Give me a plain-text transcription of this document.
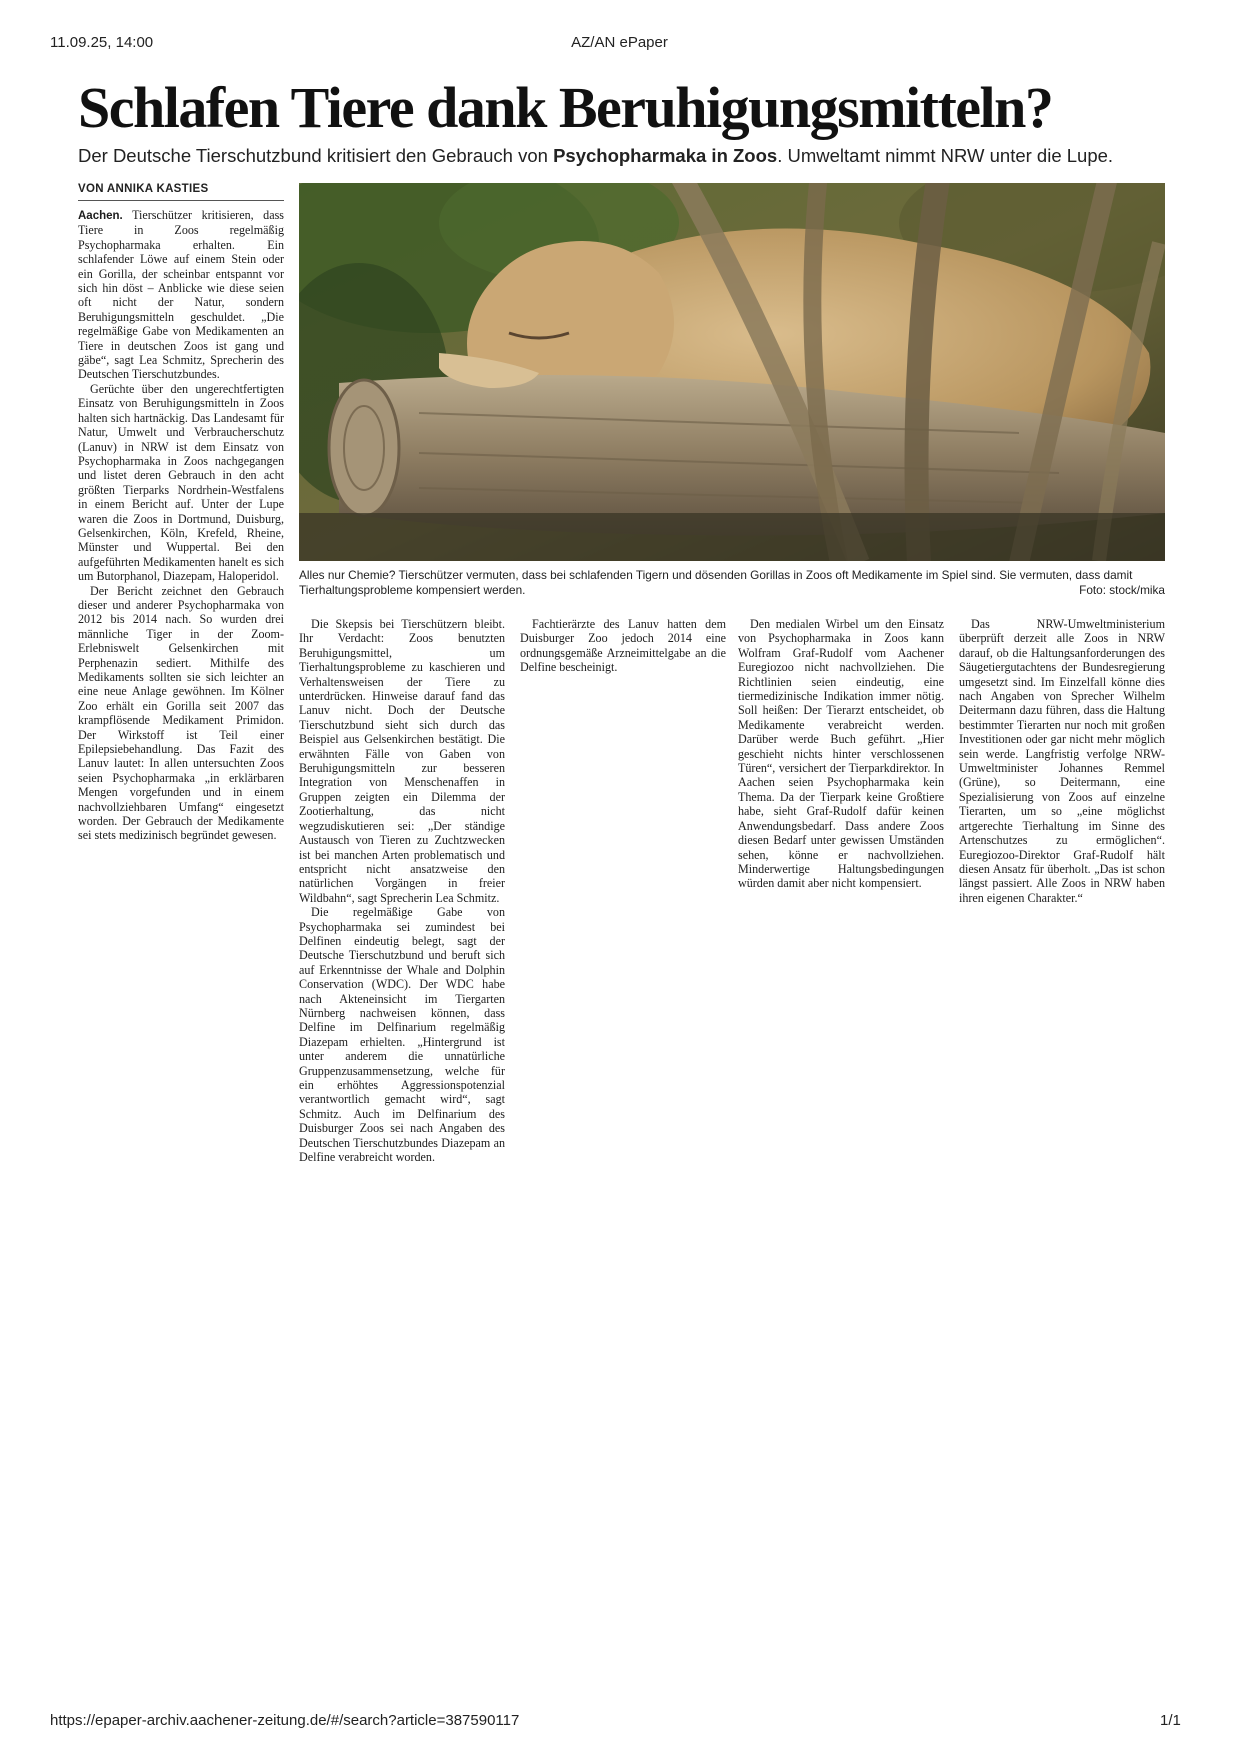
11.09.25, 14:00	AZ/AN ePaper
Schlafen Tiere dank Beruhigungsmitteln?
Der Deutsche Tierschutzbund kritisiert den Gebrauch von Psychopharmaka in Zoos. Umweltamt nimmt NRW unter die Lupe.
VON ANNIKA KASTIES

Aachen. Tierschützer kritisieren, dass Tiere in Zoos regelmäßig Psychopharmaka erhalten. Ein schlafender Löwe auf einem Stein oder ein Gorilla, der scheinbar entspannt vor sich hin döst – Anblicke wie diese seien oft nicht der Natur, sondern Beruhigungsmitteln geschuldet. „Die regelmäßige Gabe von Medikamenten an Tiere in deutschen Zoos ist gang und gäbe“, sagt Lea Schmitz, Sprecherin des Deutschen Tierschutzbundes.

Gerüchte über den ungerechtfertigten Einsatz von Beruhigungsmitteln in Zoos halten sich hartnäckig. Das Landesamt für Natur, Umwelt und Verbraucherschutz (Lanuv) in NRW ist dem Einsatz von Psychopharmaka in Zoos nachgegangen und listet deren Gebrauch in den acht größten Tierparks Nordrhein-Westfalens in einem Bericht auf. Unter der Lupe waren die Zoos in Dortmund, Duisburg, Gelsenkirchen, Köln, Krefeld, Rheine, Münster und Wuppertal. Bei den aufgeführten Medikamenten hanelt es sich um Butorphanol, Diazepam, Haloperidol.

Der Bericht zeichnet den Gebrauch dieser und anderer Psychopharmaka von 2012 bis 2014 nach. So wurden drei männliche Tiger in der Zoom-Erlebniswelt Gelsenkirchen mit Perphenazin sediert. Mithilfe des Medikaments sollten sie sich leichter an eine neue Anlage gewöhnen. Im Kölner Zoo erhält ein Gorilla seit 2007 das krampflösende Medikament Primidon. Der Wirkstoff ist Teil einer Epilepsiebehandlung. Das Fazit des Lanuv lautet: In allen untersuchten Zoos seien Psychopharmaka „in erklärbaren Mengen vorgefunden und in einem nachvollziehbaren Umfang“ eingesetzt worden. Der Gebrauch der Medikamente sei stets medizinisch begründet gewesen.

Alles nur Chemie? Tierschützer vermuten, dass bei schlafenden Tigern und dösenden Gorillas in Zoos oft Medikamente im Spiel sind. Sie vermuten, dass damit Tierhaltungsprobleme kompensiert werden.	Foto: stock/mika

Die Skepsis bei Tierschützern bleibt. Ihr Verdacht: Zoos benutzten Beruhigungsmittel, um Tierhaltungsprobleme zu kaschieren und Verhaltensweisen der Tiere zu unterdrücken. Hinweise darauf fand das Lanuv nicht. Doch der Deutsche Tierschutzbund sieht sich durch das Beispiel aus Gelsenkirchen bestätigt. Die erwähnten Fälle von Gaben von Beruhigungsmitteln zur besseren Integration von Menschenaffen in Gruppen zeigten ein Dilemma der Zootierhaltung, das nicht wegzudiskutieren sei: „Der ständige Austausch von Tieren zu Zuchtzwecken ist bei manchen Arten problematisch und entspricht nicht ansatzweise den natürlichen Vorgängen in freier Wildbahn“, sagt Sprecherin Lea Schmitz.

Die regelmäßige Gabe von Psychopharmaka sei zumindest bei Delfinen eindeutig belegt, sagt der Deutsche Tierschutzbund und beruft sich auf Erkenntnisse der Whale and Dolphin Conservation (WDC). Der WDC habe nach Akteneinsicht im Tiergarten Nürnberg nachweisen können, dass Delfine im Delfinarium regelmäßig Diazepam erhielten. „Hintergrund ist unter anderem die unnatürliche Gruppenzusammensetzung, welche für ein erhöhtes Aggressionspotenzial verantwortlich gemacht wird“, sagt Schmitz. Auch im Delfinarium des Duisburger Zoos sei nach Angaben des Deutschen Tierschutzbundes Diazepam an Delfine verabreicht worden.

Fachtierärzte des Lanuv hatten dem Duisburger Zoo jedoch 2014 eine ordnungsgemäße Arzneimittelgabe an die Delfine bescheinigt.

Den medialen Wirbel um den Einsatz von Psychopharmaka in Zoos kann Wolfram Graf-Rudolf vom Aachener Euregiozoo nicht nachvollziehen. Die Richtlinien seien eindeutig, eine tiermedizinische Indikation immer nötig. Soll heißen: Der Tierarzt entscheidet, ob Medikamente verabreicht werden. Darüber werde Buch geführt. „Hier geschieht nichts hinter verschlossenen Türen“, versichert der Tierparkdirektor. In Aachen seien Psychopharmaka kein Thema. Da der Tierpark keine Großtiere habe, sieht Graf-Rudolf dafür keinen Anwendungsbedarf. Dass andere Zoos diesen Bedarf unter gewissen Umständen sehen, könne er nachvollziehen. Minderwertige Haltungsbedingungen würden damit aber nicht kompensiert.

Das NRW-Umweltministerium überprüft derzeit alle Zoos in NRW darauf, ob die Haltungsanforderungen des Säugetiergutachtens der Bundesregierung umgesetzt sind. Im Einzelfall könne dies nach Angaben von Sprecher Wilhelm Deitermann dazu führen, dass die Haltung bestimmter Tierarten nur noch mit großen Investitionen oder gar nicht mehr möglich sein werde. Langfristig verfolge NRW-Umweltminister Johannes Remmel (Grüne), so Deitermann, eine Spezialisierung von Zoos auf einzelne Tierarten, um so „eine möglichst artgerechte Tierhaltung im Sinne des Artenschutzes zu ermöglichen“. Euregiozoo-Direktor Graf-Rudolf hält diesen Ansatz für überholt. „Das ist schon längst passiert. Alle Zoos in NRW haben ihren eigenen Charakter.“

https://epaper-archiv.aachener-zeitung.de/#/search?article=387590117	1/1
